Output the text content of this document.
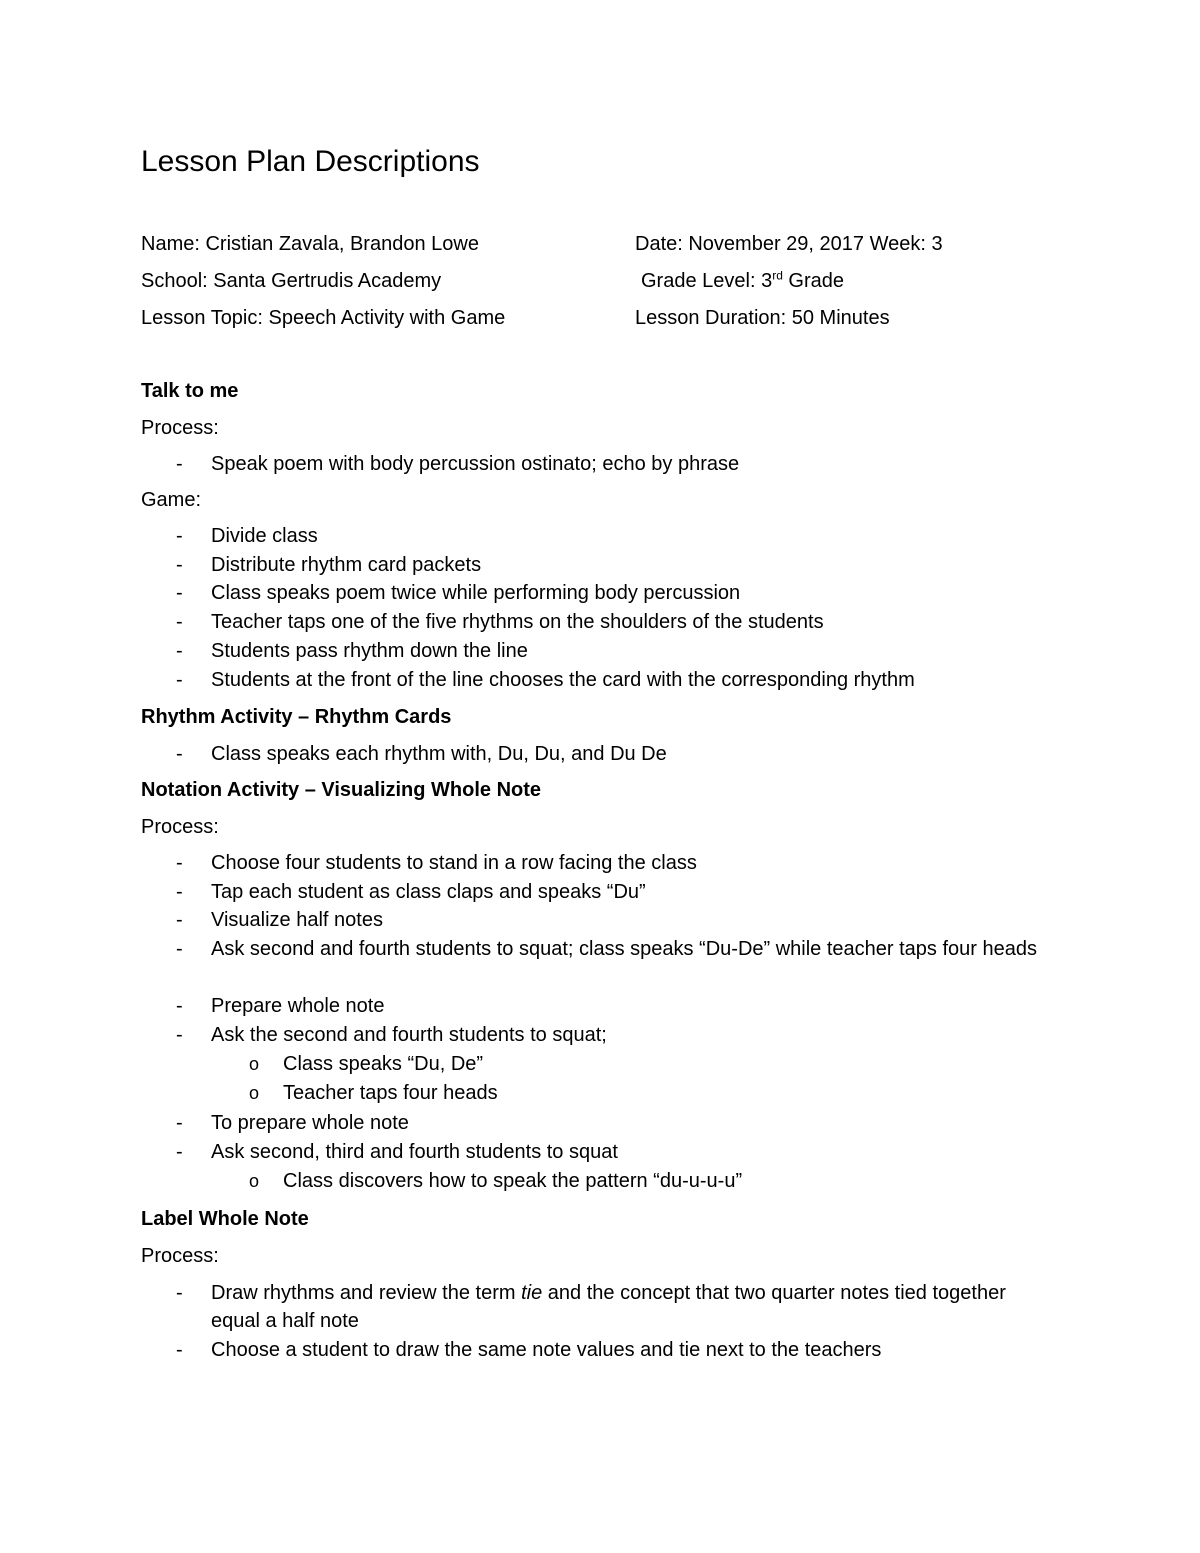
Lesson Plan Descriptions
Name: Cristian Zavala, Brandon Lowe	Date: November 29, 2017 Week: 3
School: Santa Gertrudis Academy	Grade Level: 3rd Grade
Lesson Topic: Speech Activity with Game	Lesson Duration: 50 Minutes
Talk to me
Process:
- Speak poem with body percussion ostinato; echo by phrase
Game:
- Divide class
- Distribute rhythm card packets
- Class speaks poem twice while performing body percussion
- Teacher taps one of the five rhythms on the shoulders of the students
- Students pass rhythm down the line
- Students at the front of the line chooses the card with the corresponding rhythm
Rhythm Activity – Rhythm Cards
- Class speaks each rhythm with, Du, Du, and Du De
Notation Activity – Visualizing Whole Note
Process:
- Choose four students to stand in a row facing the class
- Tap each student as class claps and speaks “Du”
- Visualize half notes
- Ask second and fourth students to squat; class speaks “Du-De” while teacher taps four heads
- Prepare whole note
- Ask the second and fourth students to squat;
o Class speaks “Du, De”
o Teacher taps four heads
- To prepare whole note
- Ask second, third and fourth students to squat
o Class discovers how to speak the pattern “du-u-u-u”
Label Whole Note
Process:
- Draw rhythms and review the term tie and the concept that two quarter notes tied together equal a half note
- Choose a student to draw the same note values and tie next to the teachers
